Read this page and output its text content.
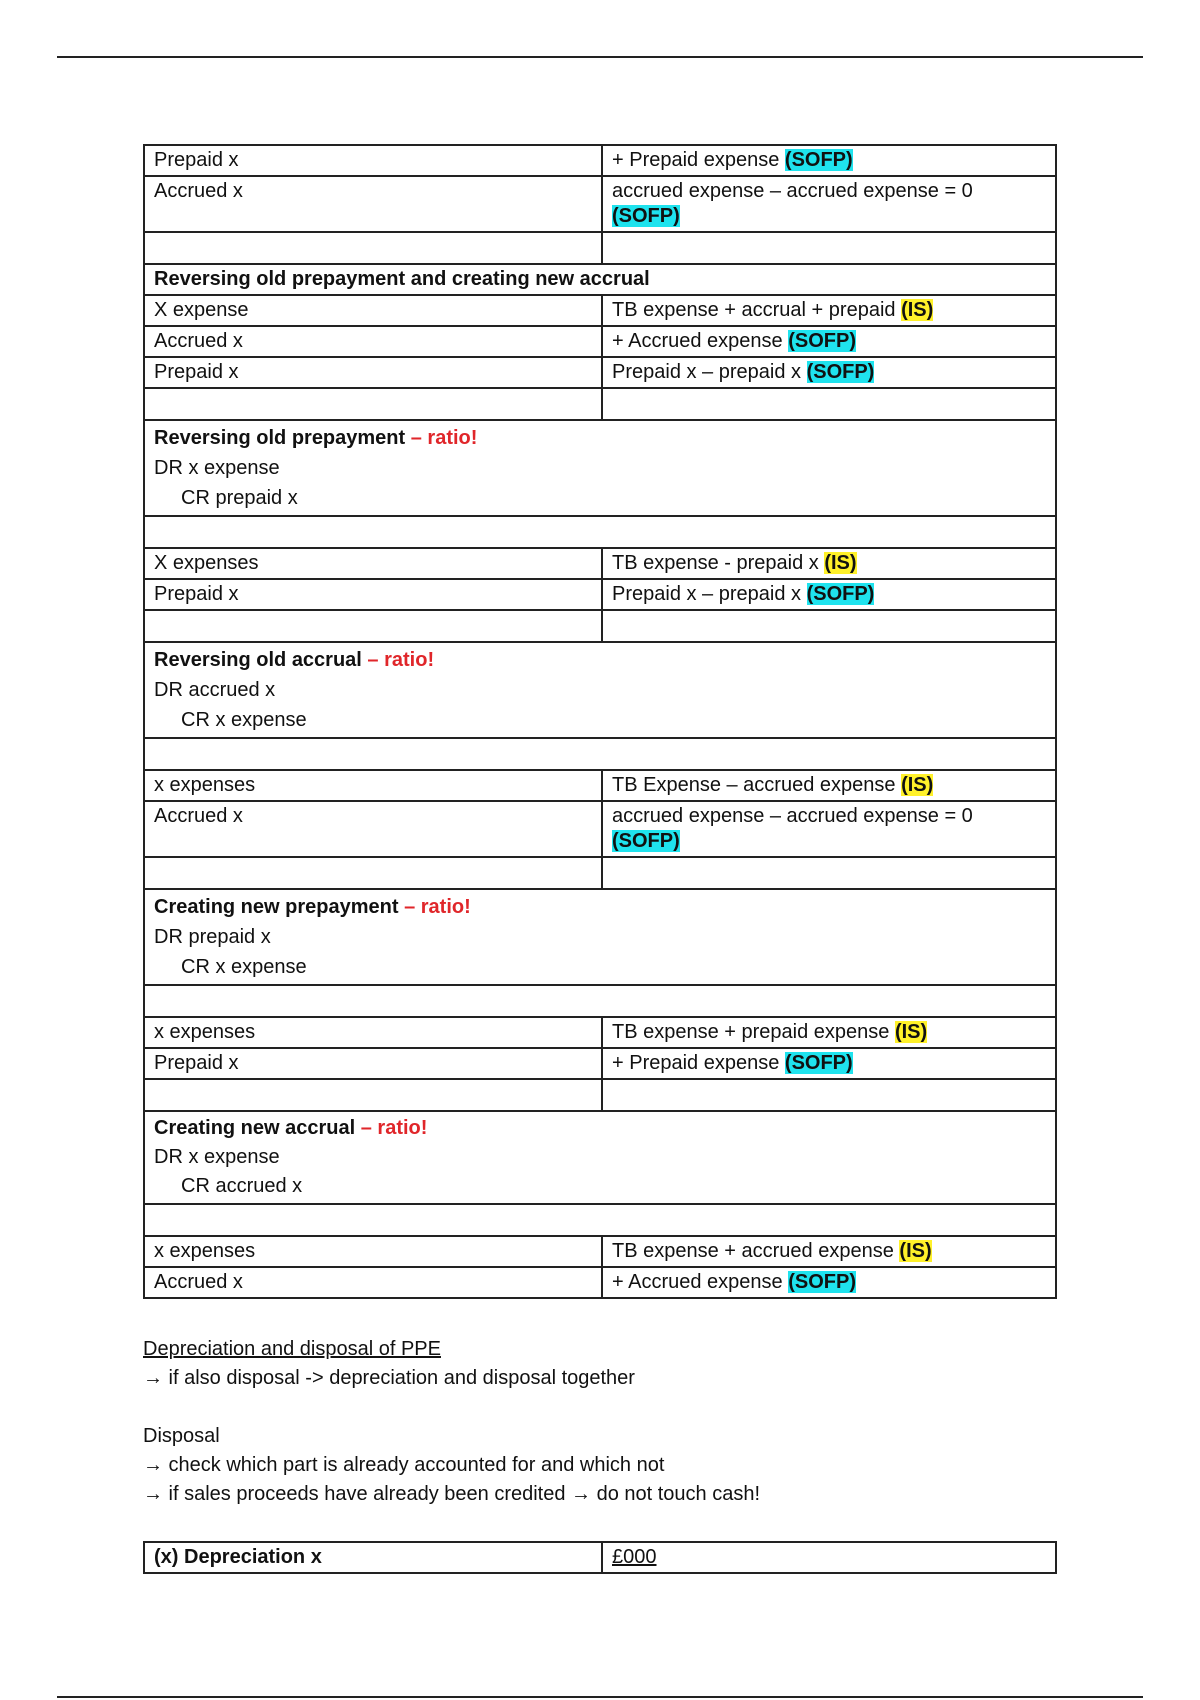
Prepaid x	+ Prepaid expense (SOFP)
Accrued x	accrued expense – accrued expense = 0
(SOFP)

Reversing old prepayment and creating new accrual	
X expense	TB expense + accrual + prepaid (IS)
Accrued x	+ Accrued expense (SOFP)
Prepaid x	Prepaid x – prepaid x (SOFP)

Reversing old prepayment – ratio!
DR x expense
CR prepaid x	

X expenses	TB expense - prepaid x (IS)
Prepaid x	Prepaid x – prepaid x (SOFP)

Reversing old accrual – ratio!
DR accrued x
CR x expense	

x expenses	TB Expense – accrued expense (IS)
Accrued x	accrued expense – accrued expense = 0
(SOFP)

Creating new prepayment – ratio!
DR prepaid x
CR x expense	

x expenses	TB expense + prepaid expense (IS)
Prepaid x	+ Prepaid expense (SOFP)

Creating new accrual – ratio!
DR x expense
CR accrued x	

x expenses	TB expense + accrued expense (IS)
Accrued x	+ Accrued expense (SOFP)
Depreciation and disposal of PPE
→ if also disposal -> depreciation and disposal together
Disposal
→ check which part is already accounted for and which not
→ if sales proceeds have already been credited → do not touch cash!
(x) Depreciation x	£000
